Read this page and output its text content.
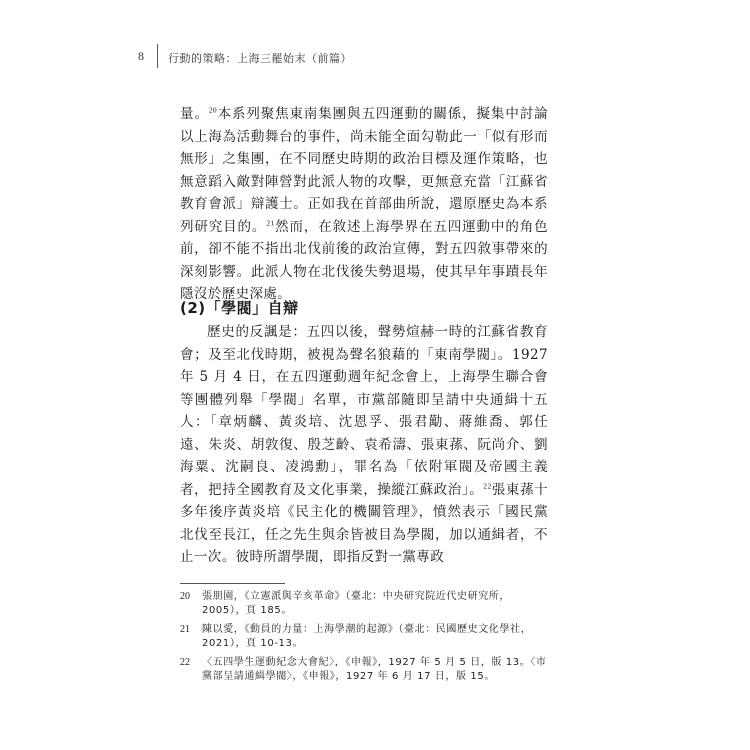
8 行動的策略：上海三罷始末（前篇）
量。$^{20}$本系列聚焦東南集團與五四運動的關係，擬集中討論以上海為活動舞台的事件，尚未能全面勾勒此一「似有形而無形」之集團，在不同歷史時期的政治目標及運作策略，也無意蹈入敵對陣營對此派人物的攻擊，更無意充當「江蘇省教育會派」辯護士。正如我在首部曲所說，還原歷史為本系列研究目的。$^{21}$然而，在敘述上海學界在五四運動中的角色前，卻不能不指出北伐前後的政治宣傳，對五四敘事帶來的深刻影響。此派人物在北伐後失勢退場，使其早年事蹟長年隱沒於歷史深處。
(2)「學閥」自辯
歷史的反諷是：五四以後，聲勢煊赫一時的江蘇省教育會；及至北伐時期，被視為聲名狼藉的「東南學閥」。1927 年 5 月 4 日，在五四運動週年紀念會上，上海學生聯合會等團體列舉「學閥」名單，市黨部隨即呈請中央通緝十五人：「章炳麟、黃炎培、沈恩孚、張君勱、蔣維喬、郭任遠、朱炎、胡敦復、殷芝齡、袁希濤、張東蓀、阮尚介、劉海粟、沈嗣良、凌鴻勳」，罪名為「依附軍閥及帝國主義者，把持全國教育及文化事業，操縱江蘇政治」。$^{22}$張東蓀十多年後序黃炎培《民主化的機關管理》，憤然表示「國民黨北伐至長江，任之先生與余皆被目為學閥，加以通緝者，不止一次。彼時所謂學閥，即指反對一黨專政
20	張朋園，《立憲派與辛亥革命》（臺北：中央研究院近代史研究所，2005），頁 185。
21	陳以愛，《動員的力量：上海學潮的起源》（臺北：民國歷史文化學社，2021），頁 10-13。
22	〈五四學生運動紀念大會紀〉，《申報》，1927 年 5 月 5 日，版 13。〈市黨部呈請通緝學閥〉，《申報》，1927 年 6 月 17 日，版 15。
